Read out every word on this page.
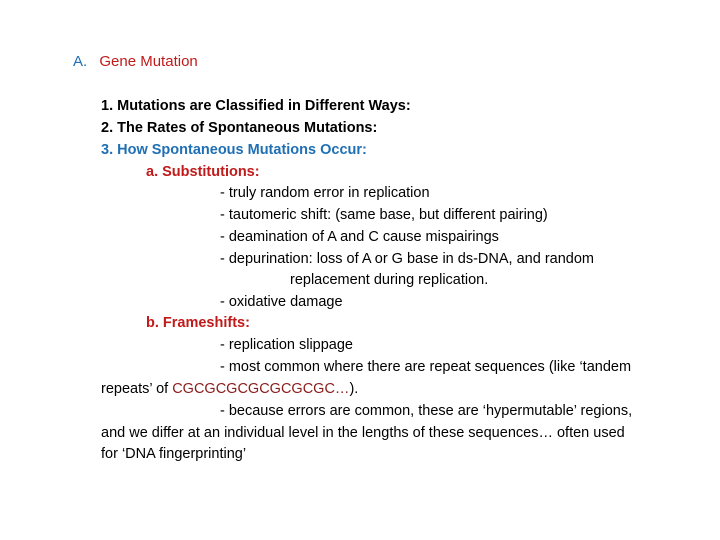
A. Gene Mutation
1. Mutations are Classified in Different Ways:
2. The Rates of Spontaneous Mutations:
3. How Spontaneous Mutations Occur:
a. Substitutions:
- truly random error in replication
- tautomeric shift: (same base, but different pairing)
- deamination of A and C cause mispairings
- depurination: loss of A or G base in ds-DNA, and random
replacement during replication.
- oxidative damage
b. Frameshifts:
- replication slippage
- most common where there are repeat sequences (like ‘tandem
repeats’ of CGCGCGCGCGCGCGC…).
- because errors are common, these are ‘hypermutable’ regions,
and we differ at an individual level in the lengths of these sequences… often used
for ‘DNA fingerprinting’
